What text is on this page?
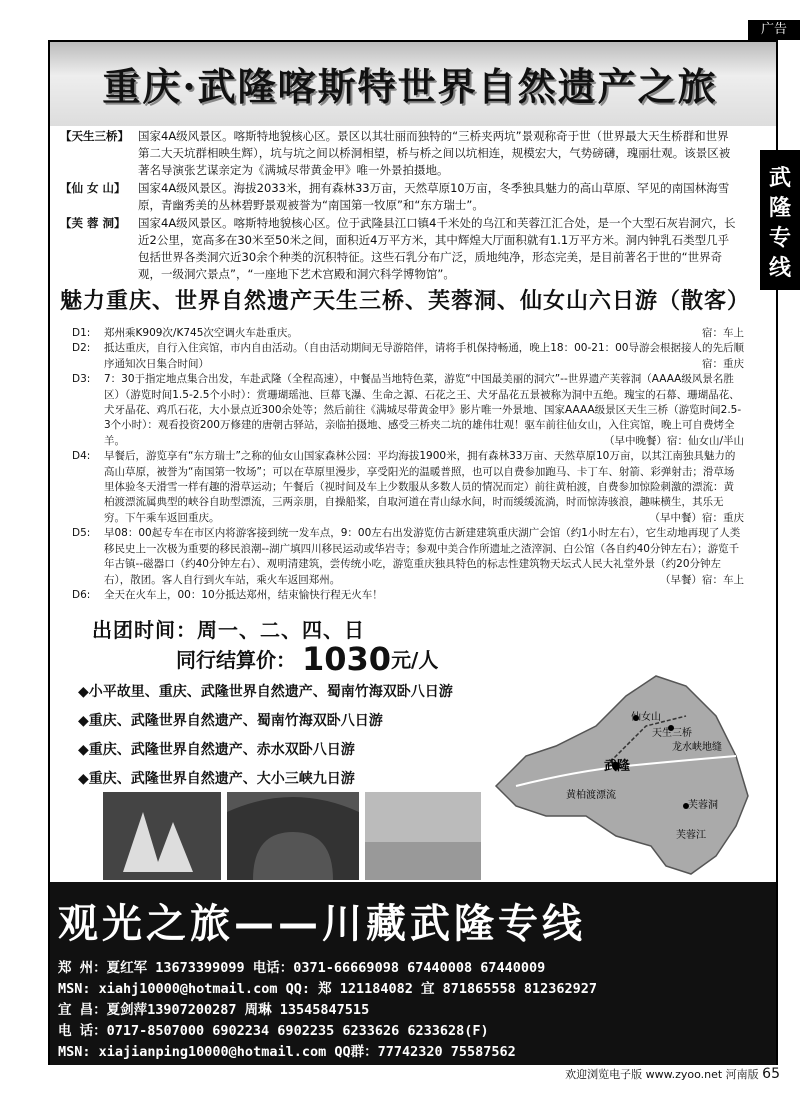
广告
重庆·武隆喀斯特世界自然遗产之旅
武
隆
专
线
【天生三桥】 国家4A级风景区。喀斯特地貌核心区。景区以其壮丽而独特的“三桥夹两坑”景观称奇于世（世界最大天生桥群和世界第二大天坑群相映生辉），坑与坑之间以桥洞相望，桥与桥之间以坑相连，规模宏大，气势磅礴，瑰丽壮观。该景区被著名导演张艺谋亲定为《满城尽带黄金甲》唯一外景拍摄地。
【仙 女 山】	国家4A级风景区。海拔2033米，拥有森林33万亩，天然草原10万亩，冬季独具魅力的高山草原、罕见的南国林海雪原，青幽秀美的丛林碧野景观被誉为“南国第一牧原”和“东方瑞士”。
【芙 蓉 洞】	国家4A级风景区。喀斯特地貌核心区。位于武隆县江口镇4千米处的乌江和芙蓉江汇合处，是一个大型石灰岩洞穴，长近2公里，宽高多在30米至50米之间，面积近4万平方米，其中辉煌大厅面积就有1.1万平方米。洞内钟乳石类型几乎包括世界各类洞穴近30余个种类的沉积特征。这些石乳分布广泛，质地纯净，形态完美，是目前著名于世的“世界奇观，一级洞穴景点”，“一座地下艺术宫殿和洞穴科学博物馆”。
魅力重庆、世界自然遗产天生三桥、芙蓉洞、仙女山六日游（散客）
D1:	郑州乘K909次/K745次空调火车赴重庆。	宿：车上
D2:	抵达重庆，自行入住宾馆，市内自由活动。（自由活动期间无导游陪伴，请将手机保持畅通，晚上18：00-21：00导游会根据接人的先后顺序通知次日集合时间）	宿：重庆
D3:	7：30于指定地点集合出发，车赴武隆（全程高速），中餐品当地特色菜，游览“中国最美丽的洞穴”--世界遗产芙蓉洞（AAAA级风景名胜区）（游览时间1.5-2.5个小时）：赏珊瑚瑶池、巨幕飞瀑、生命之源、石花之王、犬牙晶花五景被称为洞中五绝。瑰宝的石幕、珊瑚晶花、犬牙晶花、鸡爪石花，大小景点近300余处等；然后前往《满城尽带黄金甲》影片唯一外景地、国家AAAA级景区天生三桥（游览时间2.5-3个小时）：观看投资200万修建的唐朝古驿站，亲临拍摄地、感受三桥夹二坑的雄伟壮观！驱车前往仙女山，入住宾馆，晚上可自费烤全羊。	（早中晚餐）宿：仙女山/半山
D4:	早餐后，游览享有“东方瑞士”之称的仙女山国家森林公园：平均海拔1900米，拥有森林33万亩、天然草原10万亩，以其江南独具魅力的高山草原，被誉为“南国第一牧场”；可以在草原里漫步，享受阳光的温暖普照，也可以自费参加跑马、卡丁车、射箭、彩弹射击；滑草场里体验冬天滑雪一样有趣的滑草运动；午餐后（视时间及车上少数服从多数人员的情况而定）前往黄柏渡，自费参加惊险刺激的漂流：黄柏渡漂流属典型的峡谷自助型漂流，三两亲朋，自操船桨，自取河道在青山绿水间，时而缓缓流淌，时而惊涛骇浪，趣味横生，其乐无穷。下午乘车返回重庆。	（早中餐）宿：重庆
D5:	早08：00起专车在市区内将游客接到统一发车点，9：00左右出发游览仿古新建建筑重庆湖广会馆（约1小时左右），它生动地再现了人类移民史上一次极为重要的移民浪潮--湖广填四川移民运动或华岩寺；参观中美合作所遗址之渣滓洞、白公馆（各自约40分钟左右）；游览千年古镇--磁器口（约40分钟左右）、观明清建筑，尝传统小吃，游览重庆独具特色的标志性建筑物天坛式人民大礼堂外景（约20分钟左右），散团。客人自行到火车站，乘火车返回郑州。	（早餐）宿：车上
D6:	全天在火车上，00：10分抵达郑州，结束愉快行程无火车！
出团时间：周一、二、四、日
同行结算价： 1030元/人
◆小平故里、重庆、武隆世界自然遗产、蜀南竹海双卧八日游
◆重庆、武隆世界自然遗产、蜀南竹海双卧八日游
◆重庆、武隆世界自然遗产、赤水双卧八日游
◆重庆、武隆世界自然遗产、大小三峡九日游
仙女山
天生三桥
龙水峡地缝
武隆
黄柏渡漂流
芙蓉洞
芙蓉江
观光之旅——川藏武隆专线
郑 州：夏红军 13673399099 电话：0371-66669098 67440008 67440009
MSN: xiahj10000@hotmail.com QQ: 郑 121184082 宜 871865558 812362927
宜 昌：夏剑萍13907200287 周琳 13545847515
电 话：0717-8507000 6902234 6902235 6233626 6233628(F)
MSN: xiajianping10000@hotmail.com QQ群：77742320 75587562
欢迎浏览电子版 www.zyoo.net 河南版 65
